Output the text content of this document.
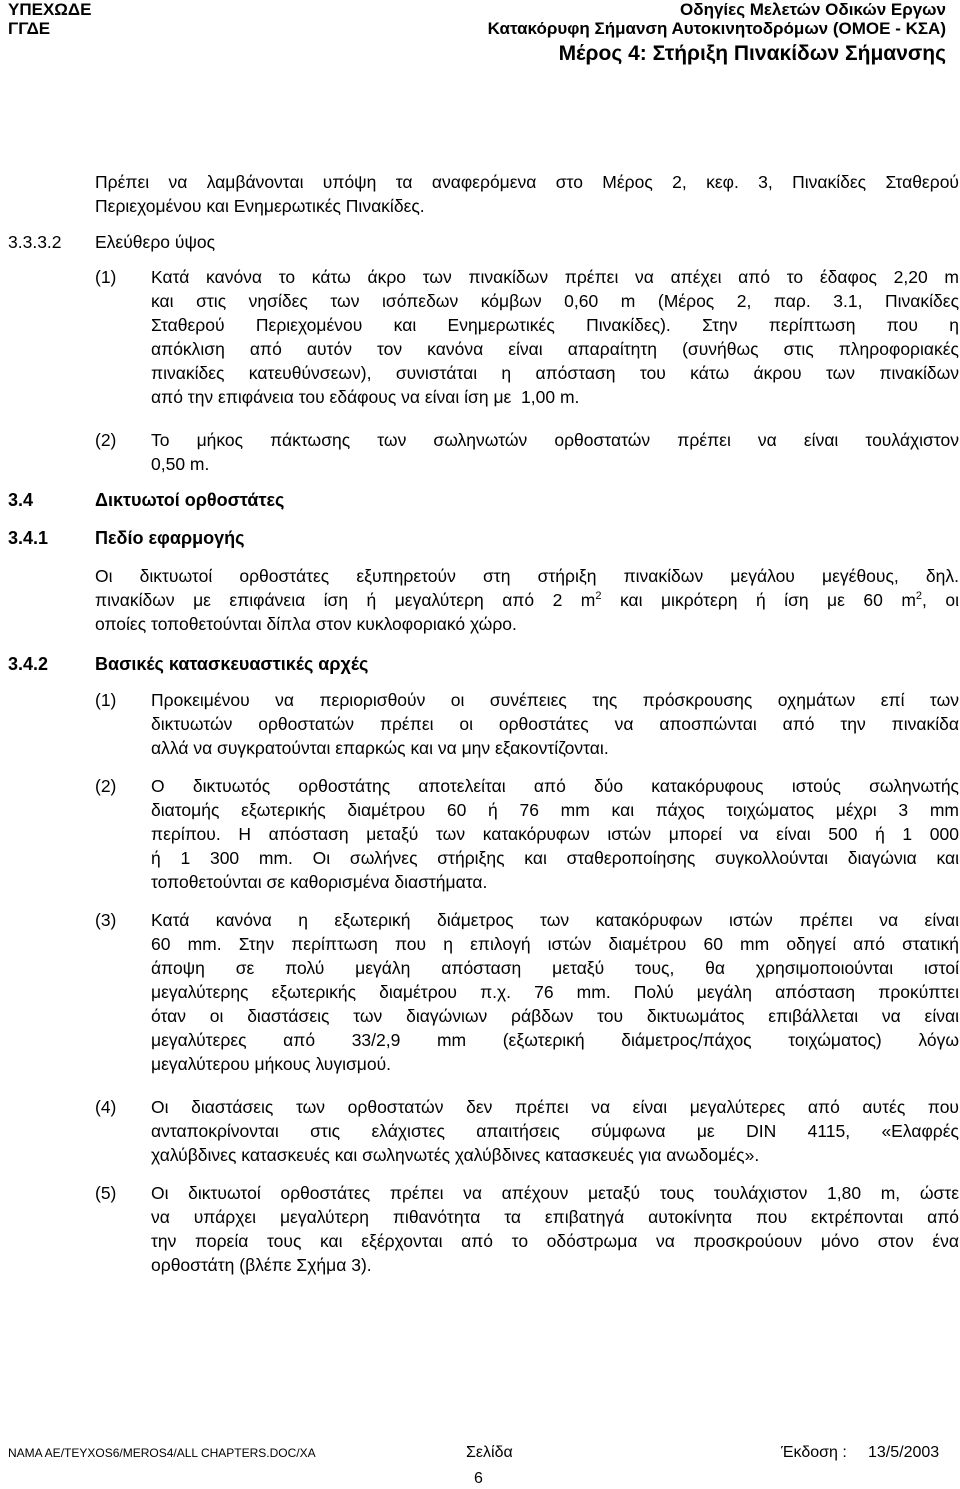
ΥΠΕΧΩΔΕ
ΓΓΔΕ
Οδηγίες Μελετών Οδικών Εργων
Κατακόρυφη Σήμανση Αυτοκινητοδρόμων (ΟΜΟΕ - ΚΣΑ)
Μέρος 4: Στήριξη Πινακίδων Σήμανσης
Πρέπει να λαμβάνονται υπόψη τα αναφερόμενα στο Μέρος 2, κεφ. 3, Πινακίδες Σταθερού
Περιεχομένου και Ενημερωτικές Πινακίδες.
3.3.3.2 Ελεύθερο ύψος
(1) Κατά κανόνα το κάτω άκρο των πινακίδων πρέπει να απέχει από το έδαφος 2,20 m
και στις νησίδες των ισόπεδων κόμβων 0,60 m (Μέρος 2, παρ. 3.1, Πινακίδες
Σταθερού Περιεχομένου και Ενημερωτικές Πινακίδες). Στην περίπτωση που η
απόκλιση από αυτόν τον κανόνα είναι απαραίτητη (συνήθως στις πληροφοριακές
πινακίδες κατευθύνσεων), συνιστάται η απόσταση του κάτω άκρου των πινακίδων
από την επιφάνεια του εδάφους να είναι ίση με  1,00 m.
(2) Το μήκος πάκτωσης των σωληνωτών ορθοστατών πρέπει να είναι τουλάχιστον
0,50 m.
3.4	Δικτυωτοί ορθοστάτες
3.4.1	Πεδίο εφαρμογής
Οι δικτυωτοί ορθοστάτες εξυπηρετούν στη στήριξη πινακίδων μεγάλου μεγέθους, δηλ.
πινακίδων με επιφάνεια ίση ή μεγαλύτερη από 2 $m^2$ και μικρότερη ή ίση με 60 $m^2$, οι
οποίες τοποθετούνται δίπλα στον κυκλοφοριακό χώρο.
3.4.2	Βασικές κατασκευαστικές αρχές
(1) Προκειμένου να περιορισθούν οι συνέπειες της πρόσκρουσης οχημάτων επί των
δικτυωτών ορθοστατών πρέπει οι ορθοστάτες να αποσπώνται από την πινακίδα
αλλά να συγκρατούνται επαρκώς και να μην εξακοντίζονται.
(2) Ο δικτυωτός ορθοστάτης αποτελείται από δύο κατακόρυφους ιστούς σωληνωτής
διατομής εξωτερικής διαμέτρου 60 ή 76 mm και πάχος τοιχώματος μέχρι 3 mm
περίπου. Η απόσταση μεταξύ των κατακόρυφων ιστών μπορεί να είναι 500 ή 1 000
ή 1 300 mm. Οι σωλήνες στήριξης και σταθεροποίησης συγκολλούνται διαγώνια και
τοποθετούνται σε καθορισμένα διαστήματα.
(3) Κατά κανόνα η εξωτερική διάμετρος των κατακόρυφων ιστών πρέπει να είναι
60 mm. Στην περίπτωση που η επιλογή ιστών διαμέτρου 60 mm οδηγεί από στατική
άποψη σε πολύ μεγάλη απόσταση μεταξύ τους, θα χρησιμοποιούνται ιστοί
μεγαλύτερης εξωτερικής διαμέτρου π.χ. 76 mm. Πολύ μεγάλη απόσταση προκύπτει
όταν οι διαστάσεις των διαγώνιων ράβδων του δικτυωμάτος επιβάλλεται να είναι
μεγαλύτερες από 33/2,9 mm (εξωτερική διάμετρος/πάχος τοιχώματος) λόγω
μεγαλύτερου μήκους λυγισμού.
(4) Οι διαστάσεις των ορθοστατών δεν πρέπει να είναι μεγαλύτερες από αυτές που
ανταποκρίνονται στις ελάχιστες απαιτήσεις σύμφωνα με DIN 4115, «Ελαφρές
χαλύβδινες κατασκευές και σωληνωτές χαλύβδινες κατασκευές για ανωδομές».
(5) Οι δικτυωτοί ορθοστάτες πρέπει να απέχουν μεταξύ τους τουλάχιστον 1,80 m, ώστε
να υπάρχει μεγαλύτερη πιθανότητα τα επιβατηγά αυτοκίνητα που εκτρέπονται από
την πορεία τους και εξέρχονται από το οδόστρωμα να προσκρούουν μόνο στον ένα
ορθοστάτη (βλέπε Σχήμα 3).
NAMA AE/TEYXOS6/MEROS4/ALL CHAPTERS.DOC/XA	Σελίδα
6
Έκδοση : 13/5/2003
